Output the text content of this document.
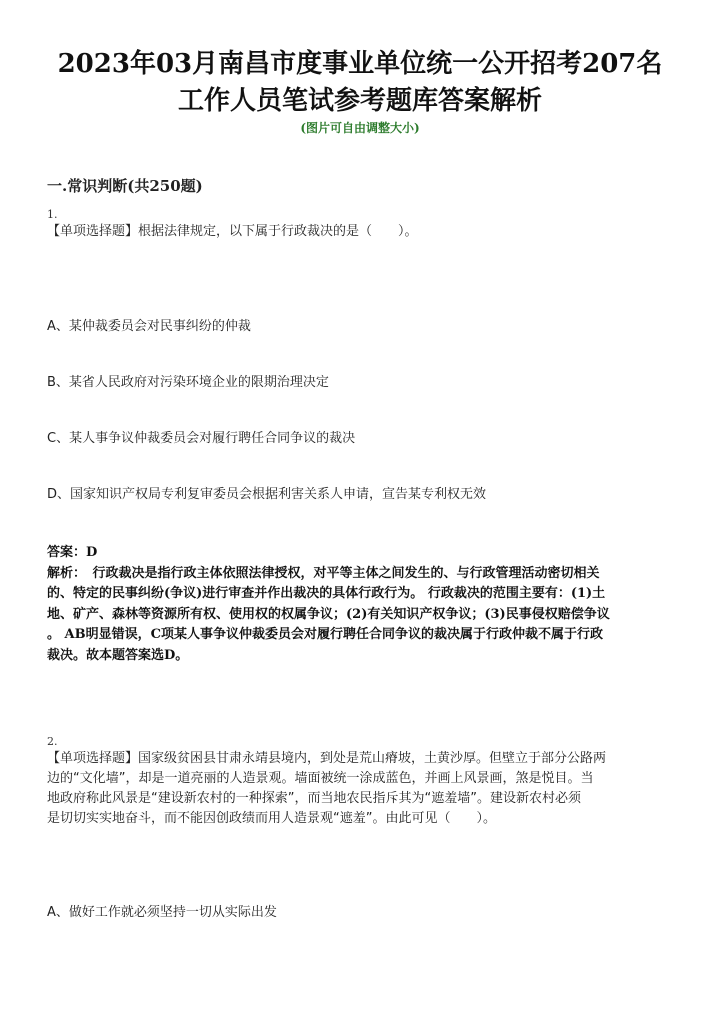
2023年03月南昌市度事业单位统一公开招考207名
工作人员笔试参考题库答案解析
(图片可自由调整大小)
一.常识判断(共250题)
1.
【单项选择题】根据法律规定，以下属于行政裁决的是（　　）。
A、某仲裁委员会对民事纠纷的仲裁
B、某省人民政府对污染环境企业的限期治理决定
C、某人事争议仲裁委员会对履行聘任合同争议的裁决
D、国家知识产权局专利复审委员会根据利害关系人申请，宣告某专利权无效
答案：D
解析：　行政裁决是指行政主体依照法律授权，对平等主体之间发生的、与行政管理活动密切相关
的、特定的民事纠纷(争议)进行审查并作出裁决的具体行政行为。 行政裁决的范围主要有：(1)土
地、矿产、森林等资源所有权、使用权的权属争议；(2)有关知识产权争议；(3)民事侵权赔偿争议
。 AB明显错误，C项某人事争议仲裁委员会对履行聘任合同争议的裁决属于行政仲裁不属于行政
裁决。故本题答案选D。
2.
【单项选择题】国家级贫困县甘肃永靖县境内，到处是荒山瘠坡，土黄沙厚。但壁立于部分公路两
边的“文化墙”，却是一道亮丽的人造景观。墙面被统一涂成蓝色，并画上风景画，煞是悦目。当
地政府称此风景是“建设新农村的一种探索”，而当地农民指斥其为“遮羞墙”。建设新农村必须
是切切实实地奋斗，而不能因创政绩而用人造景观“遮羞”。由此可见（　　）。
A、做好工作就必须坚持一切从实际出发
